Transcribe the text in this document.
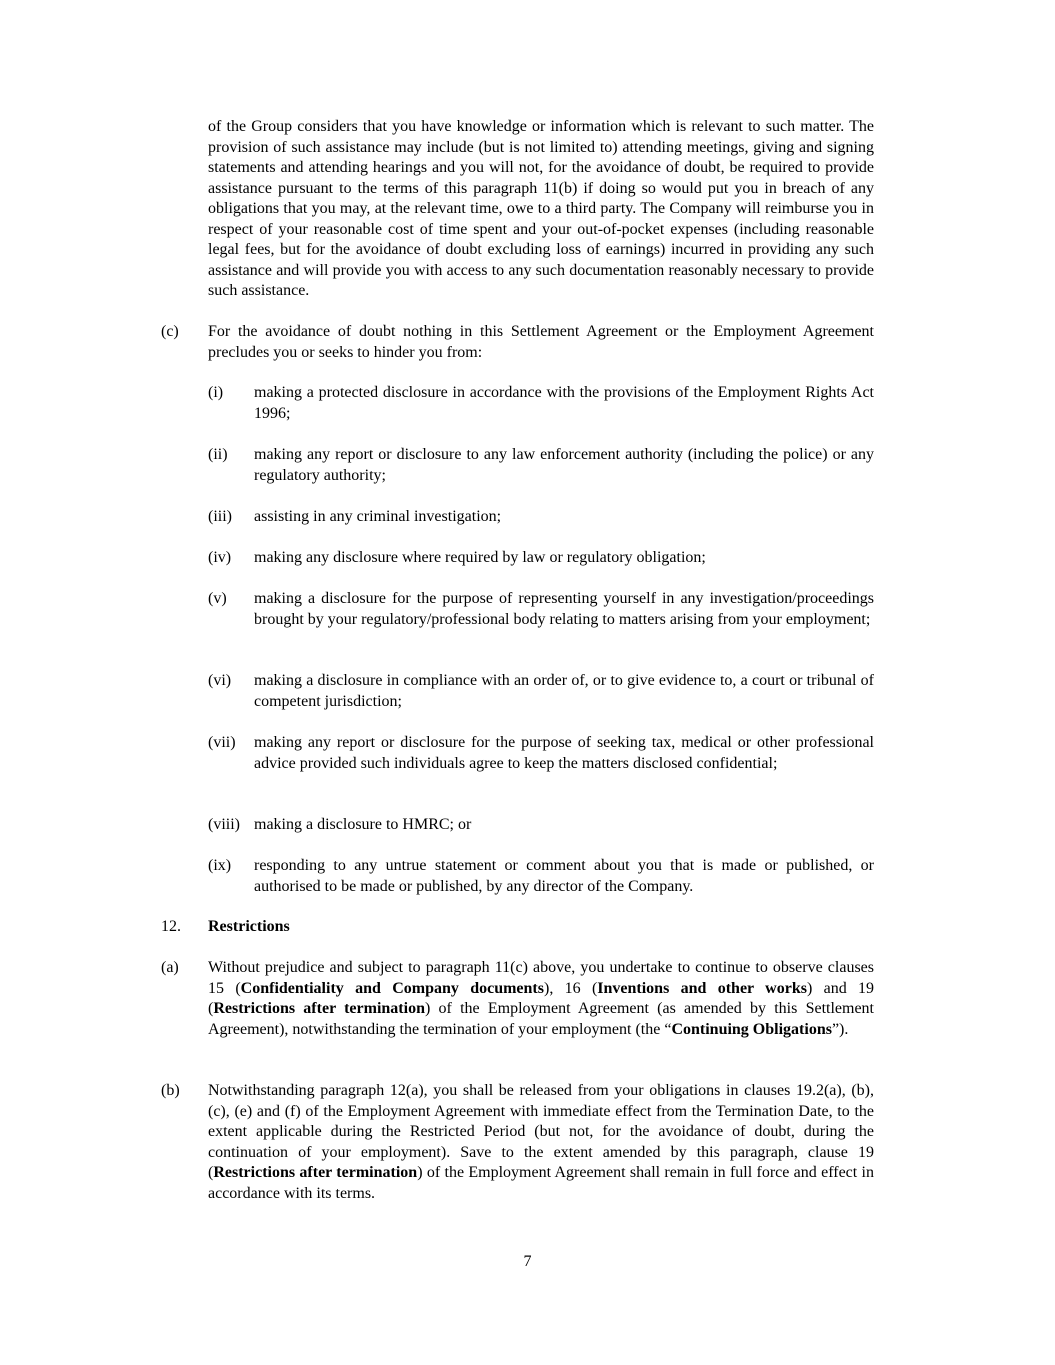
of the Group considers that you have knowledge or information which is relevant to such matter. The provision of such assistance may include (but is not limited to) attending meetings, giving and signing statements and attending hearings and you will not, for the avoidance of doubt, be required to provide assistance pursuant to the terms of this paragraph 11(b) if doing so would put you in breach of any obligations that you may, at the relevant time, owe to a third party. The Company will reimburse you in respect of your reasonable cost of time spent and your out-of-pocket expenses (including reasonable legal fees, but for the avoidance of doubt excluding loss of earnings) incurred in providing any such assistance and will provide you with access to any such documentation reasonably necessary to provide such assistance.
(c) For the avoidance of doubt nothing in this Settlement Agreement or the Employment Agreement precludes you or seeks to hinder you from:
(i) making a protected disclosure in accordance with the provisions of the Employment Rights Act 1996;
(ii) making any report or disclosure to any law enforcement authority (including the police) or any regulatory authority;
(iii) assisting in any criminal investigation;
(iv) making any disclosure where required by law or regulatory obligation;
(v) making a disclosure for the purpose of representing yourself in any investigation/proceedings brought by your regulatory/professional body relating to matters arising from your employment;
(vi) making a disclosure in compliance with an order of, or to give evidence to, a court or tribunal of competent jurisdiction;
(vii) making any report or disclosure for the purpose of seeking tax, medical or other professional advice provided such individuals agree to keep the matters disclosed confidential;
(viii) making a disclosure to HMRC; or
(ix) responding to any untrue statement or comment about you that is made or published, or authorised to be made or published, by any director of the Company.
12. Restrictions
(a) Without prejudice and subject to paragraph 11(c) above, you undertake to continue to observe clauses 15 (Confidentiality and Company documents), 16 (Inventions and other works) and 19 (Restrictions after termination) of the Employment Agreement (as amended by this Settlement Agreement), notwithstanding the termination of your employment (the “Continuing Obligations”).
(b) Notwithstanding paragraph 12(a), you shall be released from your obligations in clauses 19.2(a), (b), (c), (e) and (f) of the Employment Agreement with immediate effect from the Termination Date, to the extent applicable during the Restricted Period (but not, for the avoidance of doubt, during the continuation of your employment). Save to the extent amended by this paragraph, clause 19 (Restrictions after termination) of the Employment Agreement shall remain in full force and effect in accordance with its terms.
7
